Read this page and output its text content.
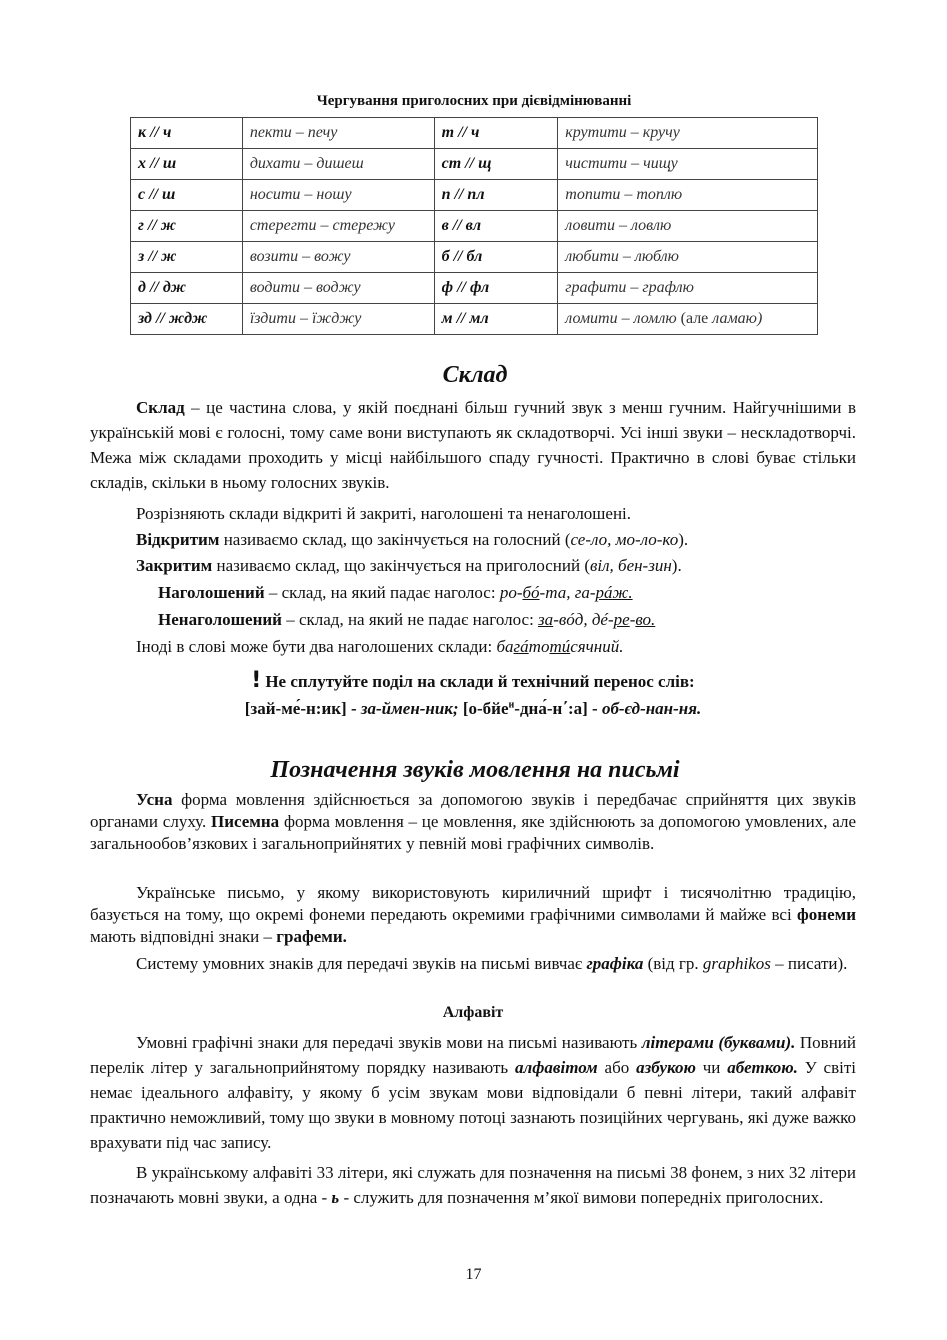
Чергування приголосних при дієвідмінюванні
к // ч	пекти – печу	т // ч	крутити – кручу
х // ш	дихати – дишеш	ст // щ	чистити – чищу
с // ш	носити – ношу	п // пл	топити – топлю
г // ж	стерегти – стережу	в // вл	ловити – ловлю
з // ж	возити – вожу	б // бл	любити – люблю
д // дж	водити – воджу	ф // фл	графити – графлю
зд // ждж	їздити – їжджу	м // мл	ломити – ломлю (але ламаю)
Склад

Склад – це частина слова, у якій поєднані більш гучний звук з менш гучним. Найгучнішими в українській мові є голосні, тому саме вони виступають як складотворчі. Усі інші звуки – нескладотворчі. Межа між складами проходить у місці найбільшого спаду гучності. Практично в слові буває стільки складів, скільки в ньому голосних звуків.

Розрізняють склади відкриті й закриті, наголошені та ненаголошені.

Відкритим називаємо склад, що закінчується на голосний (се-ло, мо-ло-ко).

Закритим називаємо склад, що закінчується на приголосний (віл, бен-зин).

Наголошений – склад, на який падає наголос: ро-бó-та, га-рáж.

Ненаголошений – склад, на який не падає наголос: за-вóд, дé-ре-во.

Іноді в слові може бути два наголошених склади: багáтотúсячний.

! Не сплутуйте поділ на склади й технічний перенос слів:

[зай-ме́-н:ик] - за-ймен-ник; [о-бйе$^и$-дна́-н΄:а] - об-єд-нан-ня.

Позначення звуків мовлення на письмі

Усна форма мовлення здійснюється за допомогою звуків і передбачає сприйняття цих звуків органами слуху. Писемна форма мовлення – це мовлення, яке здійснюють за допомогою умовлених, але загальнообов’язкових і загальноприйнятих у певній мові графічних символів.

Українське письмо, у якому використовують кириличний шрифт і тисячолітню традицію, базується на тому, що окремі фонеми передають окремими графічними символами й майже всі фонеми мають відповідні знаки – графеми.

Систему умовних знаків для передачі звуків на письмі вивчає графіка (від гр. graphikos – писати).

Алфавіт

Умовні графічні знаки для передачі звуків мови на письмі називають літерами (буквами). Повний перелік літер у загальноприйнятому порядку називають алфавітом або азбукою чи абеткою. У світі немає ідеального алфавіту, у якому б усім звукам мови відповідали б певні літери, такий алфавіт практично неможливий, тому що звуки в мовному потоці зазнають позиційних чергувань, які дуже важко врахувати під час запису.

В українському алфавіті 33 літери, які служать для позначення на письмі 38 фонем, з них 32 літери позначають мовні звуки, а одна - ь - служить для позначення м’якої вимови попередніх приголосних.

17
